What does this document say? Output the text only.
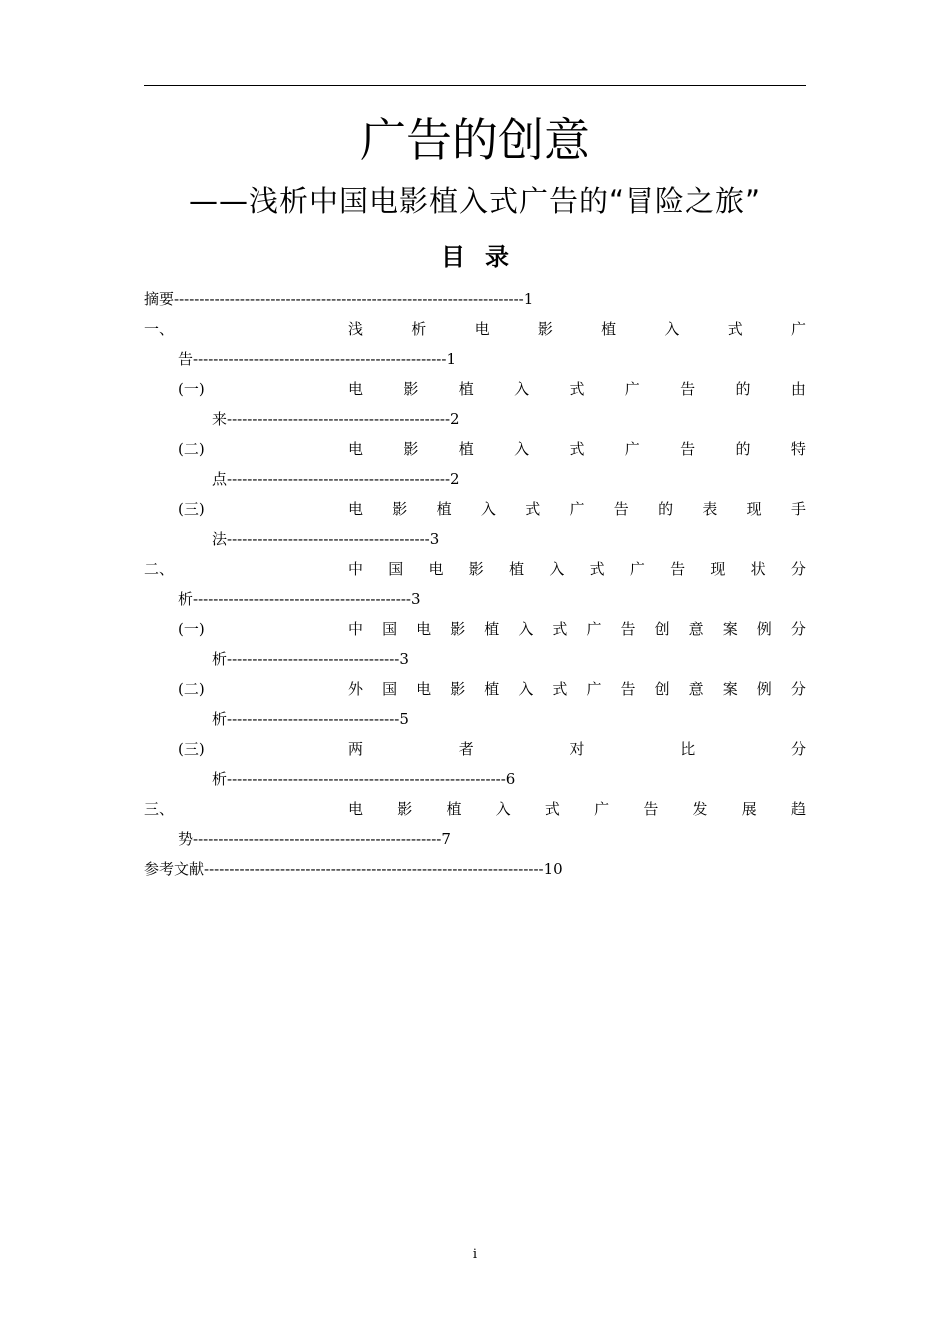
广告的创意
——浅析中国电影植入式广告的“冒险之旅”
目 录
摘要---------------------------------------------------------------------1
一、	浅	析	电	影	植	入	式	广
告--------------------------------------------------1
(一)	电	影	植	入	式	广	告	的	由
来--------------------------------------------2
(二)	电	影	植	入	式	广	告	的	特
点--------------------------------------------2
(三)	电 影 植 入 式 广 告 的 表 现 手
法----------------------------------------3
二、	中 国 电 影 植 入 式 广 告 现 状 分
析-------------------------------------------3
(一)	中 国 电 影 植 入 式 广 告 创 意 案 例 分
析----------------------------------3
(二)	外 国 电 影 植 入 式 广 告 创 意 案 例 分
析----------------------------------5
(三)	两	者	对	比	分
析-------------------------------------------------------6
三、	电 影 植 入 式 广 告 发 展 趋
势-------------------------------------------------7
参考文献-------------------------------------------------------------------10
i
